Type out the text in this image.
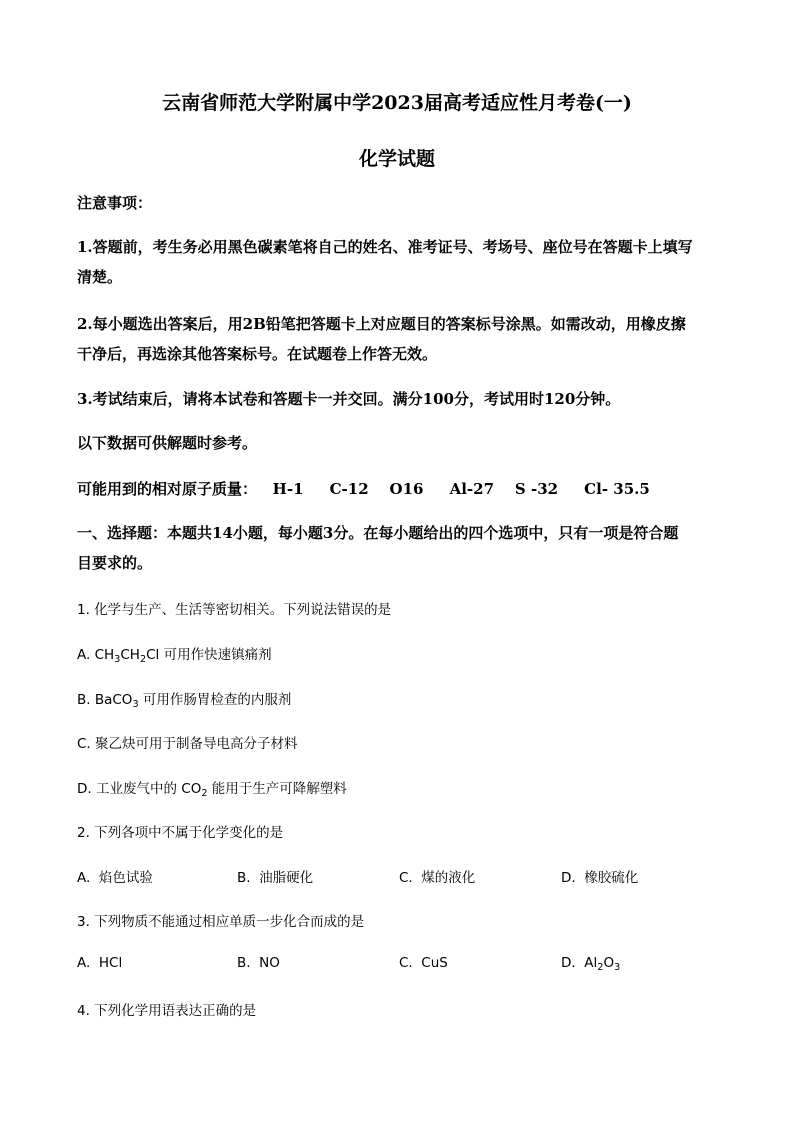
云南省师范大学附属中学2023届高考适应性月考卷(一)
化学试题
注意事项：
1.答题前，考生务必用黑色碳素笔将自己的姓名、准考证号、考场号、座位号在答题卡上填写
清楚。
2.每小题选出答案后，用2B铅笔把答题卡上对应题目的答案标号涂黑。如需改动，用橡皮擦
干净后，再选涂其他答案标号。在试题卷上作答无效。
3.考试结束后，请将本试卷和答题卡一并交回。满分100分，考试用时120分钟。
以下数据可供解题时参考。
可能用到的相对原子质量：   H-1     C-12    O16     Al-27    S -32     Cl- 35.5
一、选择题：本题共14小题，每小题3分。在每小题给出的四个选项中，只有一项是符合题
目要求的。
1. 化学与生产、生活等密切相关。下列说法错误的是
A. $CH_3CH_2Cl$ 可用作快速镇痛剂
B. BaCO$_3$ 可用作肠胃检查的内服剂
C. 聚乙炔可用于制备导电高分子材料
D. 工业废气中的 $CO_2$ 能用于生产可降解塑料
2. 下列各项中不属于化学变化的是
A.  焰色试验	B.  油脂硬化	C.  煤的液化	D.  橡胶硫化
3. 下列物质不能通过相应单质一步化合而成的是
A.  HCl	B.  NO	C.  CuS	D.  $Al_2O_3$
4. 下列化学用语表达正确的是
